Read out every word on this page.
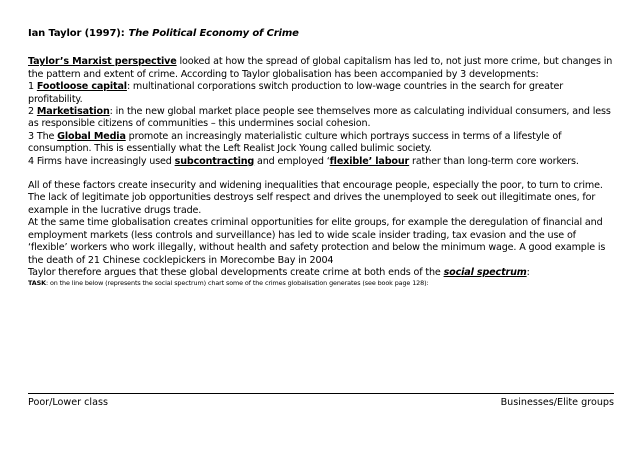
Ian Taylor (1997): The Political Economy of Crime

Taylor’s Marxist perspective looked at how the spread of global capitalism has led to, not just more crime, but changes in the pattern and extent of crime. According to Taylor globalisation has been accompanied by 3 developments:

1 Footloose capital: multinational corporations switch production to low-wage countries in the search for greater profitability.

2 Marketisation: in the new global market place people see themselves more as calculating individual consumers, and less as responsible citizens of communities – this undermines social cohesion.

3 The Global Media promote an increasingly materialistic culture which portrays success in terms of a lifestyle of consumption. This is essentially what the Left Realist Jock Young called bulimic society.

4 Firms have increasingly used subcontracting and employed ‘flexible’ labour rather than long-term core workers.

All of these factors create insecurity and widening inequalities that encourage people, especially the poor, to turn to crime. The lack of legitimate job opportunities destroys self respect and drives the unemployed to seek out illegitimate ones, for example in the lucrative drugs trade.

At the same time globalisation creates criminal opportunities for elite groups, for example the deregulation of financial and employment markets (less controls and surveillance) has led to wide scale insider trading, tax evasion and the use of ‘flexible’ workers who work illegally, without health and safety protection and below the minimum wage. A good example is the death of 21 Chinese cocklepickers in Morecombe Bay in 2004

Taylor therefore argues that these global developments create crime at both ends of the social spectrum:

TASK: on the line below (represents the social spectrum) chart some of the crimes globalisation generates (see book page 128):

Poor/Lower class	Businesses/Elite groups
